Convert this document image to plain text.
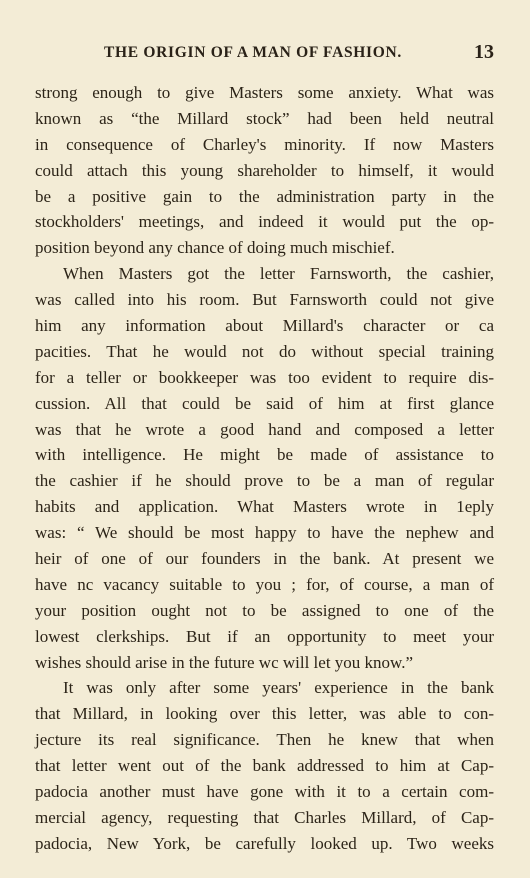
THE ORIGIN OF A MAN OF FASHION.	13
strong enough to give Masters some anxiety. What was
known as “the Millard stock” had been held neutral
in consequence of Charley's minority. If now Masters
could attach this young shareholder to himself, it would
be a positive gain to the administration party in the
stockholders' meetings, and indeed it would put the op-
position beyond any chance of doing much mischief.
When Masters got the letter Farnsworth, the cashier,
was called into his room. But Farnsworth could not give
him any information about Millard's character or ca
pacities. That he would not do without special training
for a teller or bookkeeper was too evident to require dis-
cussion. All that could be said of him at first glance
was that he wrote a good hand and composed a letter
with intelligence. He might be made of assistance to
the cashier if he should prove to be a man of regular
habits and application. What Masters wrote in 1eply
was: “ We should be most happy to have the nephew and
heir of one of our founders in the bank. At present we
have nc vacancy suitable to you ; for, of course, a man of
your position ought not to be assigned to one of the
lowest clerkships. But if an opportunity to meet your
wishes should arise in the future wc will let you know.”
It was only after some years' experience in the bank
that Millard, in looking over this letter, was able to con-
jecture its real significance. Then he knew that when
that letter went out of the bank addressed to him at Cap-
padocia another must have gone with it to a certain com-
mercial agency, requesting that Charles Millard, of Cap-
padocia, New York, be carefully looked up. Two weeks
